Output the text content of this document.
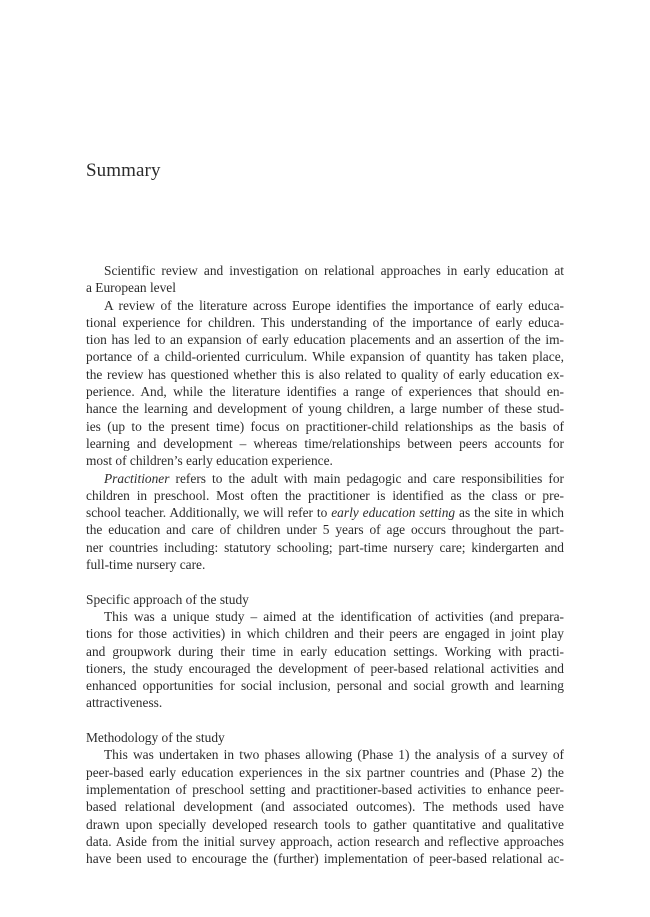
Summary
Scientific review and investigation on relational approaches in early education at
a European level
A review of the literature across Europe identifies the importance of early educa-
tional experience for children. This understanding of the importance of early educa-
tion has led to an expansion of early education placements and an assertion of the im-
portance of a child-oriented curriculum. While expansion of quantity has taken place,
the review has questioned whether this is also related to quality of early education ex-
perience. And, while the literature identifies a range of experiences that should en-
hance the learning and development of young children, a large number of these stud-
ies (up to the present time) focus on practitioner-child relationships as the basis of
learning and development – whereas time/relationships between peers accounts for
most of children’s early education experience.
Practitioner refers to the adult with main pedagogic and care responsibilities for
children in preschool. Most often the practitioner is identified as the class or pre-
school teacher. Additionally, we will refer to early education setting as the site in which
the education and care of children under 5 years of age occurs throughout the part-
ner countries including: statutory schooling; part-time nursery care; kindergarten and
full-time nursery care.
Specific approach of the study
This was a unique study – aimed at the identification of activities (and prepara-
tions for those activities) in which children and their peers are engaged in joint play
and groupwork during their time in early education settings. Working with practi-
tioners, the study encouraged the development of peer-based relational activities and
enhanced opportunities for social inclusion, personal and social growth and learning
attractiveness.
Methodology of the study
This was undertaken in two phases allowing (Phase 1) the analysis of a survey of
peer-based early education experiences in the six partner countries and (Phase 2) the
implementation of preschool setting and practitioner-based activities to enhance peer-
based relational development (and associated outcomes). The methods used have
drawn upon specially developed research tools to gather quantitative and qualitative
data. Aside from the initial survey approach, action research and reflective approaches
have been used to encourage the (further) implementation of peer-based relational ac-
